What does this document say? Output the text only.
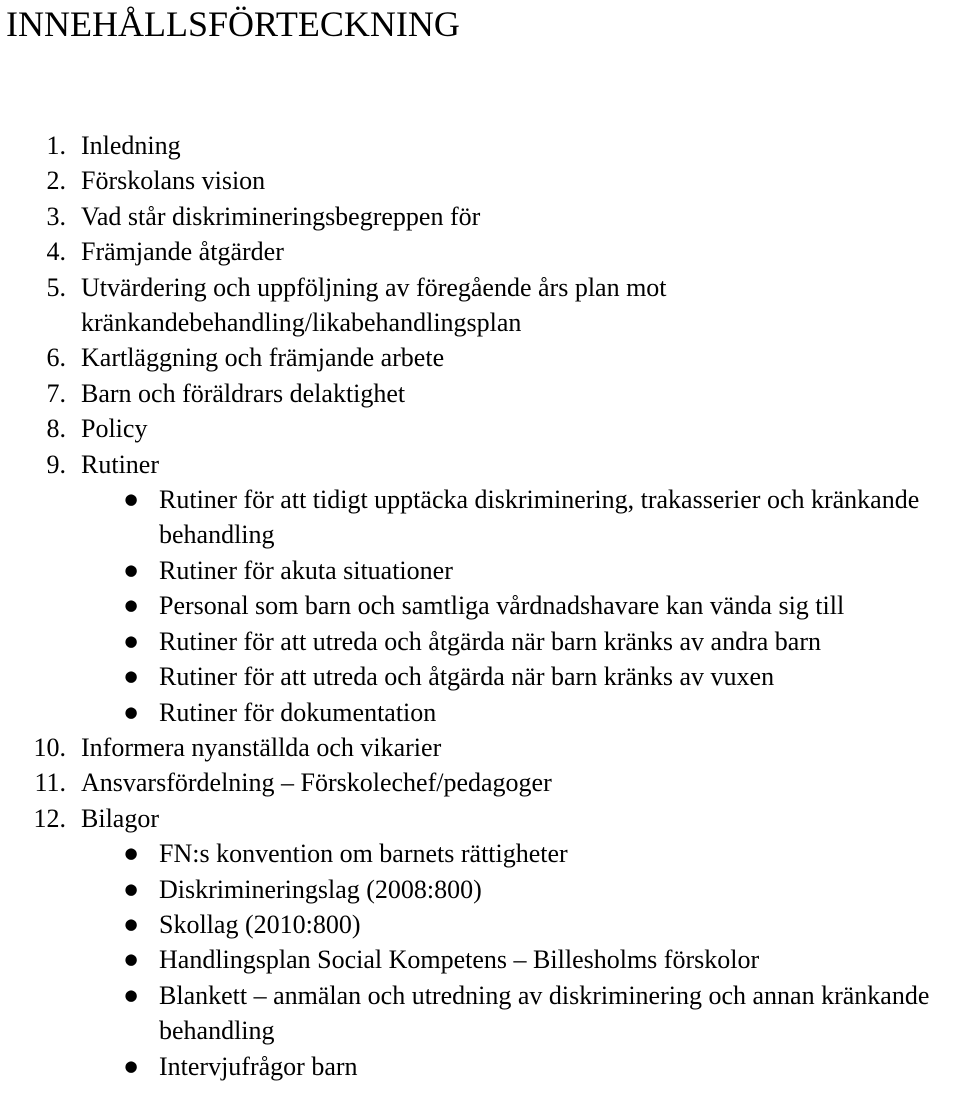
INNEHÅLLSFÖRTECKNING
1. Inledning
2. Förskolans vision
3. Vad står diskrimineringsbegreppen för
4. Främjande åtgärder
5. Utvärdering och uppföljning av föregående års plan mot kränkandebehandling/likabehandlingsplan
6. Kartläggning och främjande arbete
7. Barn och föräldrars delaktighet
8. Policy
9. Rutiner
● Rutiner för att tidigt upptäcka diskriminering, trakasserier och kränkande behandling
● Rutiner för akuta situationer
● Personal som barn och samtliga vårdnadshavare kan vända sig till
● Rutiner för att utreda och åtgärda när barn kränks av andra barn
● Rutiner för att utreda och åtgärda när barn kränks av vuxen
● Rutiner för dokumentation
10. Informera nyanställda och vikarier
11. Ansvarsfördelning – Förskolechef/pedagoger
12. Bilagor
● FN:s konvention om barnets rättigheter
● Diskrimineringslag (2008:800)
● Skollag (2010:800)
● Handlingsplan Social Kompetens – Billesholms förskolor
● Blankett – anmälan och utredning av diskriminering och annan kränkande behandling
● Intervjufrågor barn
